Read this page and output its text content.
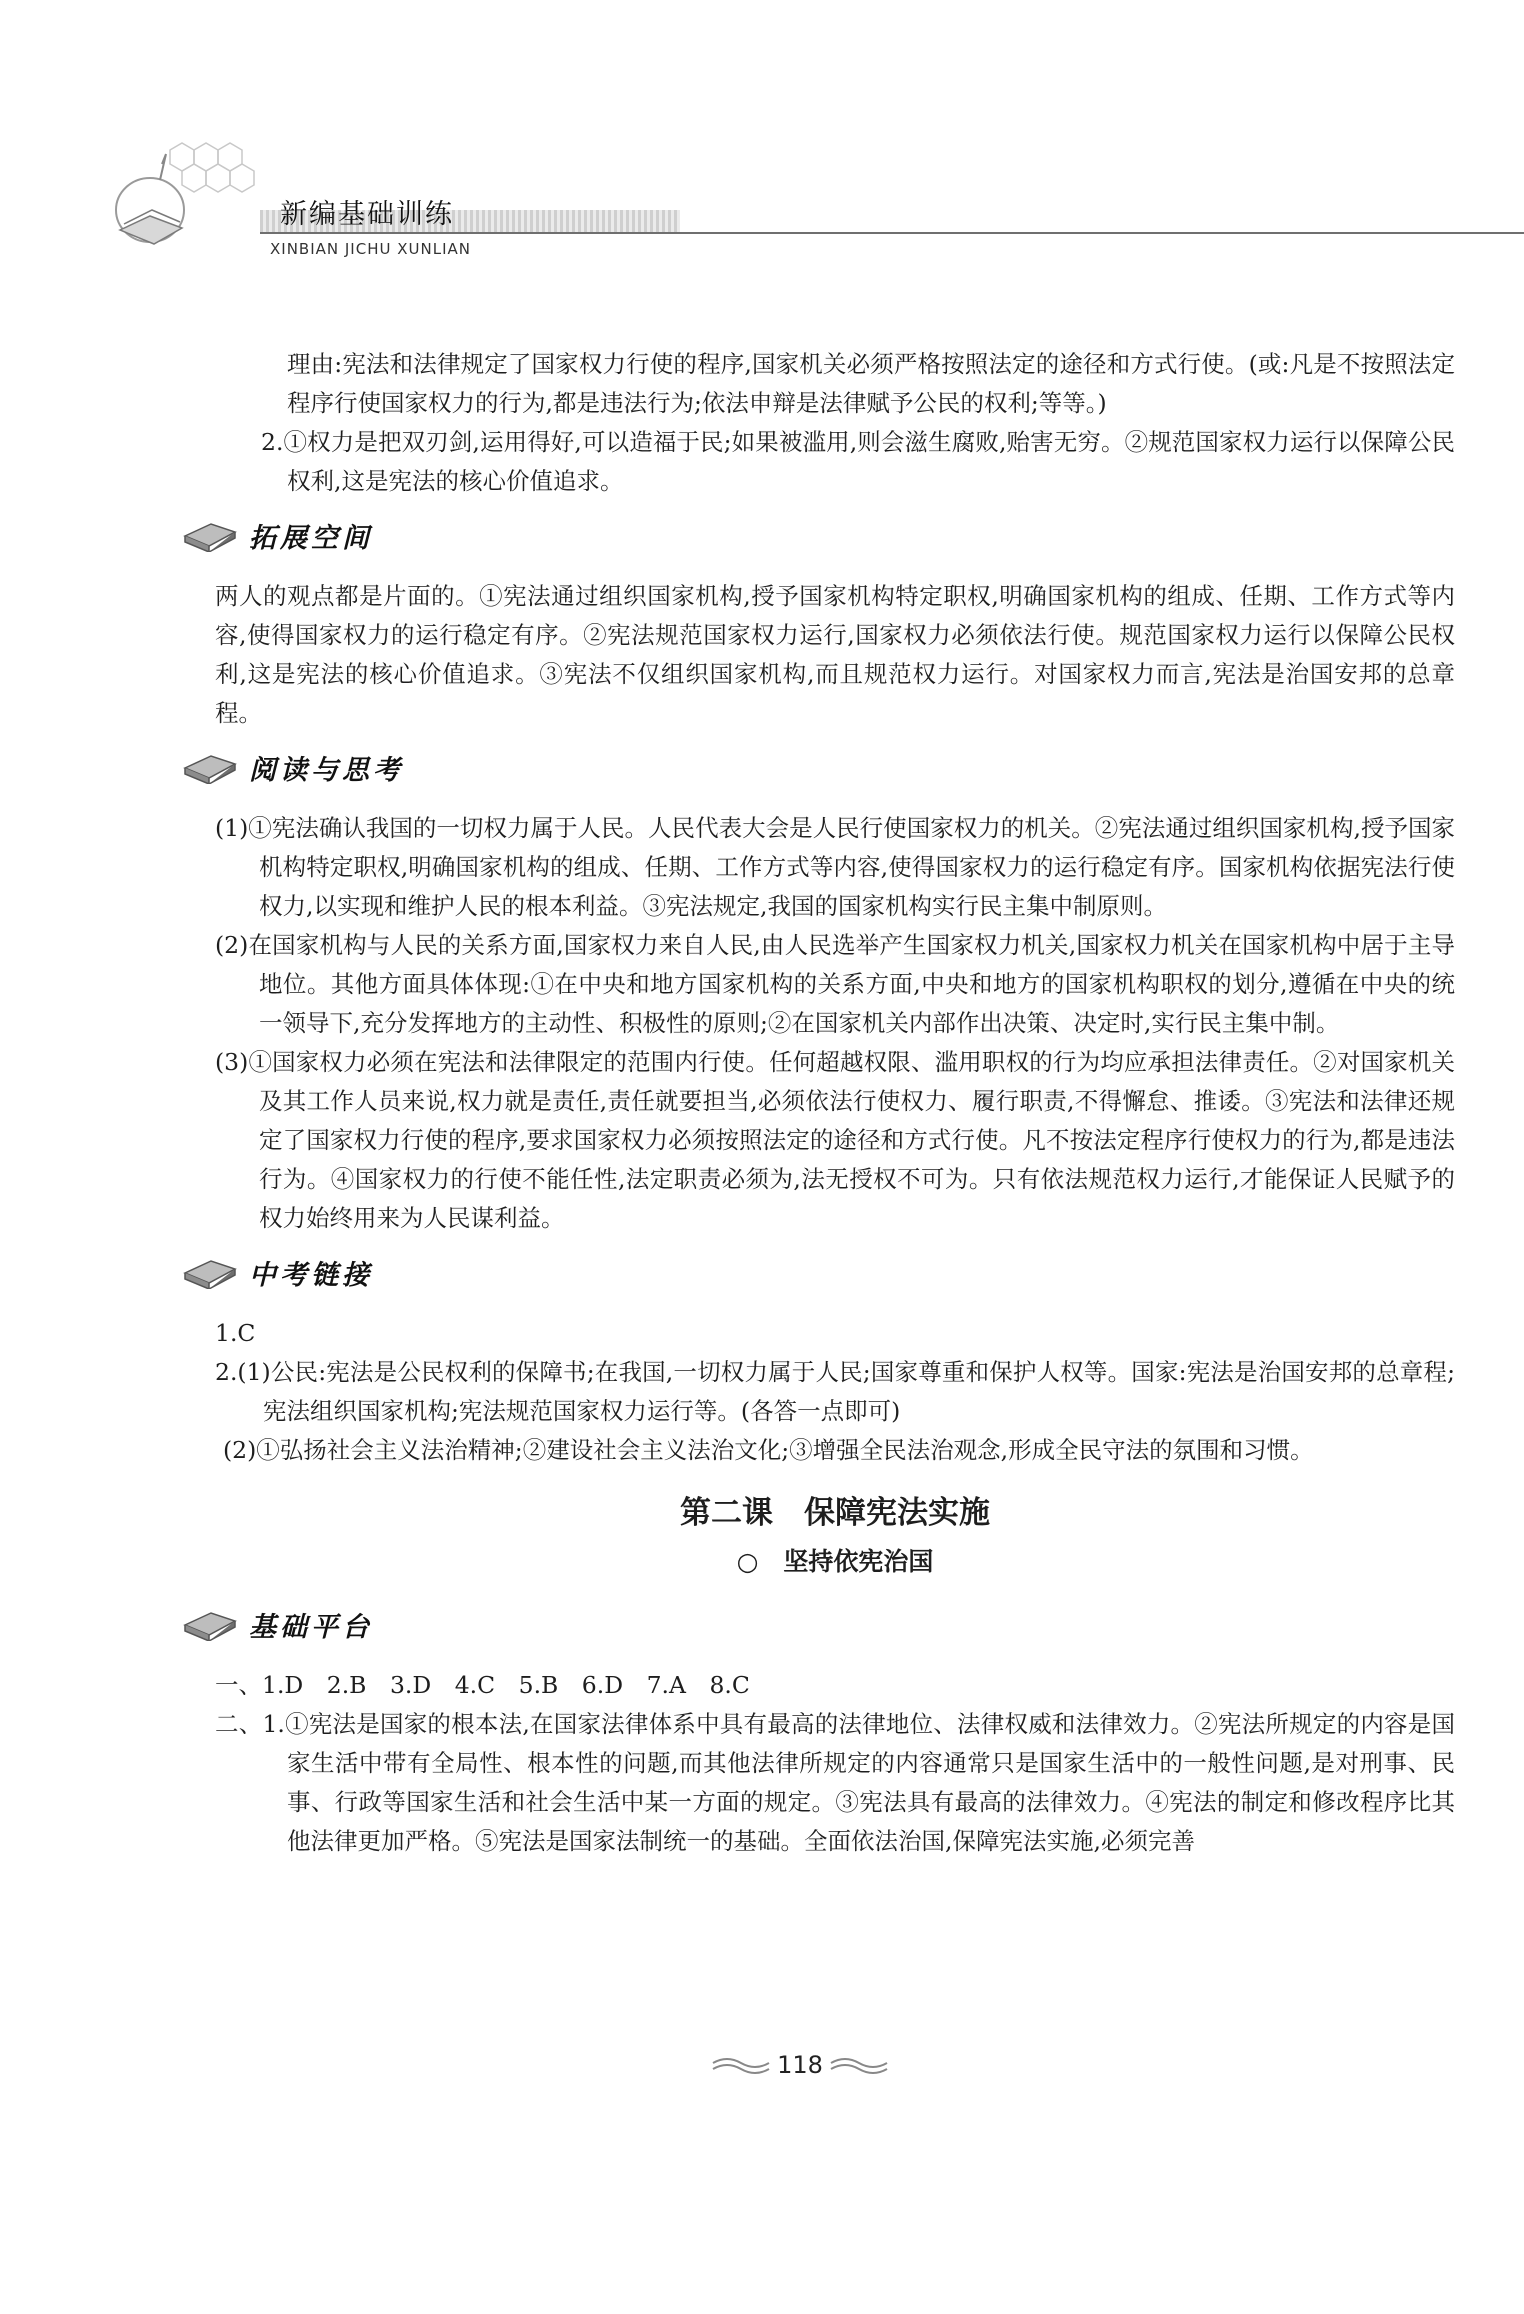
新编基础训练
XINBIAN JICHU XUNLIAN

理由:宪法和法律规定了国家权力行使的程序,国家机关必须严格按照法定的途径和方式行使。(或:凡是不按照法定程序行使国家权力的行为,都是违法行为;依法申辩是法律赋予公民的权利;等等。)

2.①权力是把双刃剑,运用得好,可以造福于民;如果被滥用,则会滋生腐败,贻害无穷。②规范国家权力运行以保障公民权利,这是宪法的核心价值追求。

拓展空间

两人的观点都是片面的。①宪法通过组织国家机构,授予国家机构特定职权,明确国家机构的组成、任期、工作方式等内容,使得国家权力的运行稳定有序。②宪法规范国家权力运行,国家权力必须依法行使。规范国家权力运行以保障公民权利,这是宪法的核心价值追求。③宪法不仅组织国家机构,而且规范权力运行。对国家权力而言,宪法是治国安邦的总章程。

阅读与思考

(1)①宪法确认我国的一切权力属于人民。人民代表大会是人民行使国家权力的机关。②宪法通过组织国家机构,授予国家机构特定职权,明确国家机构的组成、任期、工作方式等内容,使得国家权力的运行稳定有序。国家机构依据宪法行使权力,以实现和维护人民的根本利益。③宪法规定,我国的国家机构实行民主集中制原则。

(2)在国家机构与人民的关系方面,国家权力来自人民,由人民选举产生国家权力机关,国家权力机关在国家机构中居于主导地位。其他方面具体体现:①在中央和地方国家机构的关系方面,中央和地方的国家机构职权的划分,遵循在中央的统一领导下,充分发挥地方的主动性、积极性的原则;②在国家机关内部作出决策、决定时,实行民主集中制。

(3)①国家权力必须在宪法和法律限定的范围内行使。任何超越权限、滥用职权的行为均应承担法律责任。②对国家机关及其工作人员来说,权力就是责任,责任就要担当,必须依法行使权力、履行职责,不得懈怠、推诿。③宪法和法律还规定了国家权力行使的程序,要求国家权力必须按照法定的途径和方式行使。凡不按法定程序行使权力的行为,都是违法行为。④国家权力的行使不能任性,法定职责必须为,法无授权不可为。只有依法规范权力运行,才能保证人民赋予的权力始终用来为人民谋利益。

中考链接

1.C

2.(1)公民:宪法是公民权利的保障书;在我国,一切权力属于人民;国家尊重和保护人权等。国家:宪法是治国安邦的总章程;宪法组织国家机构;宪法规范国家权力运行等。(各答一点即可)

(2)①弘扬社会主义法治精神;②建设社会主义法治文化;③增强全民法治观念,形成全民守法的氛围和习惯。

第二课　保障宪法实施
○　坚持依宪治国
基础平台

一、1.D　2.B　3.D　4.C　5.B　6.D　7.A　8.C

二、1.①宪法是国家的根本法,在国家法律体系中具有最高的法律地位、法律权威和法律效力。②宪法所规定的内容是国家生活中带有全局性、根本性的问题,而其他法律所规定的内容通常只是国家生活中的一般性问题,是对刑事、民事、行政等国家生活和社会生活中某一方面的规定。③宪法具有最高的法律效力。④宪法的制定和修改程序比其他法律更加严格。⑤宪法是国家法制统一的基础。全面依法治国,保障宪法实施,必须完善

118
